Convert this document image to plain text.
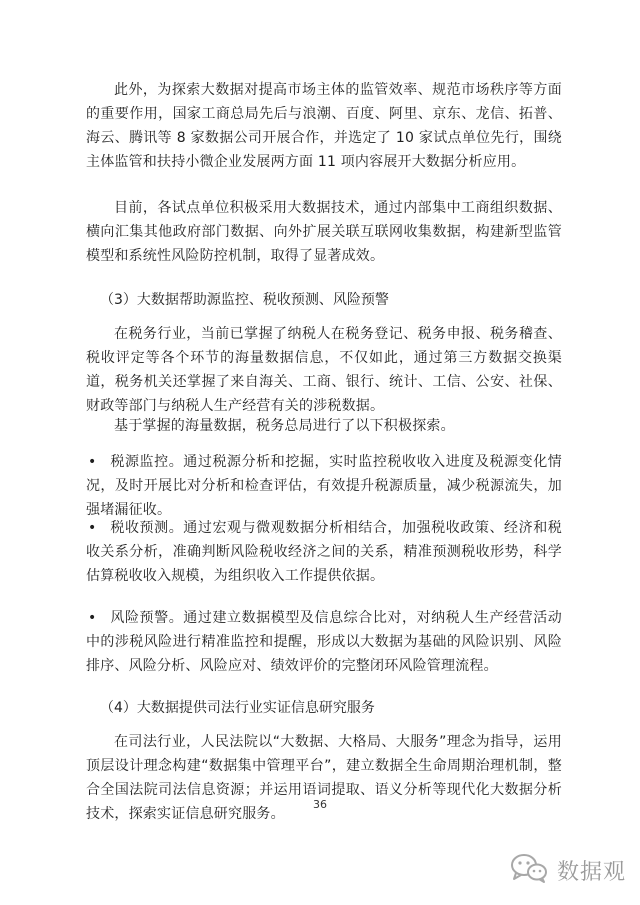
此外，为探索大数据对提高市场主体的监管效率、规范市场秩序等方面的重要作用，国家工商总局先后与浪潮、百度、阿里、京东、龙信、拓普、海云、腾讯等 8 家数据公司开展合作，并选定了 10 家试点单位先行，围绕主体监管和扶持小微企业发展两方面 11 项内容展开大数据分析应用。

目前，各试点单位积极采用大数据技术，通过内部集中工商组织数据、横向汇集其他政府部门数据、向外扩展关联互联网收集数据，构建新型监管模型和系统性风险防控机制，取得了显著成效。

（3）大数据帮助源监控、税收预测、风险预警

在税务行业，当前已掌握了纳税人在税务登记、税务申报、税务稽查、税收评定等各个环节的海量数据信息，不仅如此，通过第三方数据交换渠道，税务机关还掌握了来自海关、工商、银行、统计、工信、公安、社保、财政等部门与纳税人生产经营有关的涉税数据。

基于掌握的海量数据，税务总局进行了以下积极探索。

• 税源监控。通过税源分析和挖掘，实时监控税收收入进度及税源变化情况，及时开展比对分析和检查评估，有效提升税源质量，减少税源流失，加强堵漏征收。

• 税收预测。通过宏观与微观数据分析相结合，加强税收政策、经济和税收关系分析，准确判断风险税收经济之间的关系，精准预测税收形势，科学估算税收收入规模，为组织收入工作提供依据。

• 风险预警。通过建立数据模型及信息综合比对，对纳税人生产经营活动中的涉税风险进行精准监控和提醒，形成以大数据为基础的风险识别、风险排序、风险分析、风险应对、绩效评价的完整闭环风险管理流程。

（4）大数据提供司法行业实证信息研究服务

在司法行业，人民法院以“大数据、大格局、大服务”理念为指导，运用顶层设计理念构建“数据集中管理平台”，建立数据全生命周期治理机制，整合全国法院司法信息资源；并运用语词提取、语义分析等现代化大数据分析技术，探索实证信息研究服务。

36
数据观
